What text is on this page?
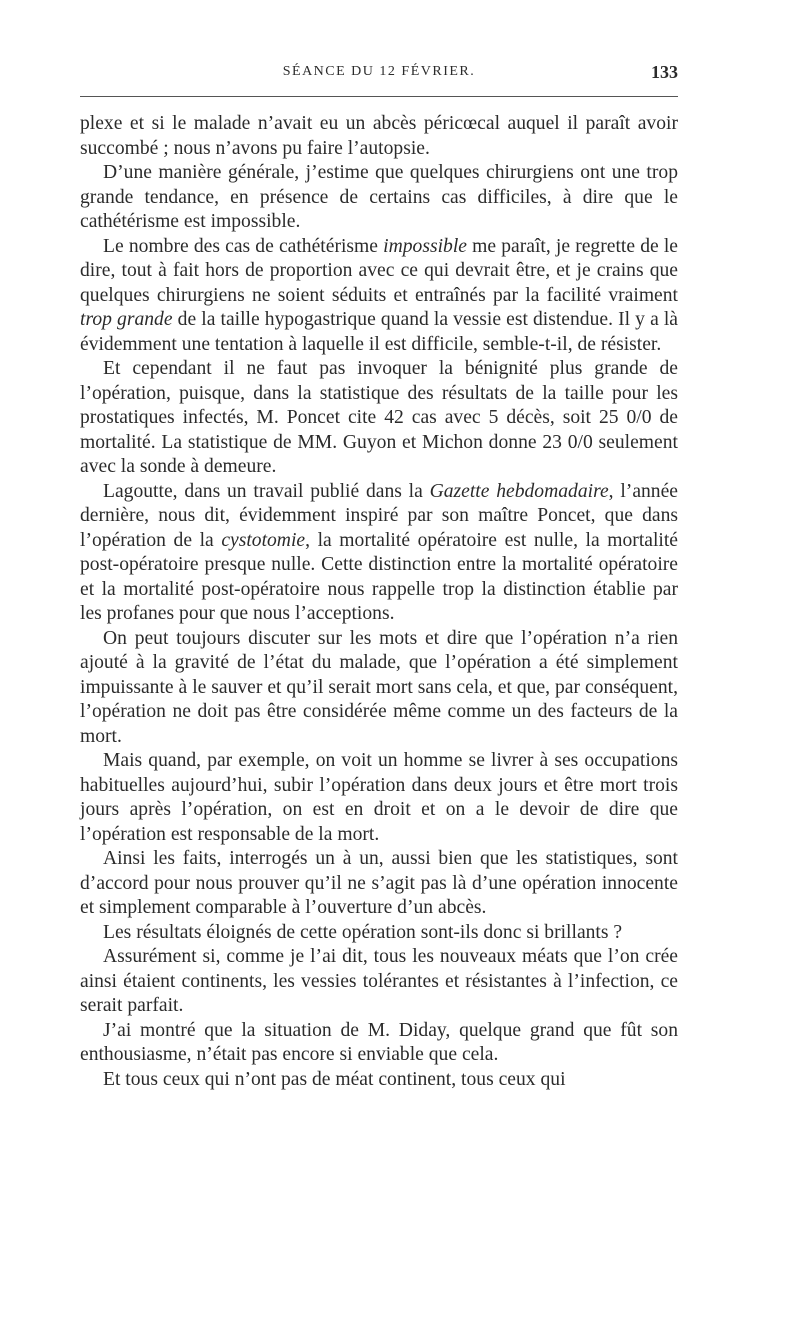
SÉANCE DU 12 FÉVRIER.	133

plexe et si le malade n’avait eu un abcès péricœcal auquel il paraît avoir succombé ; nous n’avons pu faire l’autopsie.

D’une manière générale, j’estime que quelques chirurgiens ont une trop grande tendance, en présence de certains cas difficiles, à dire que le cathétérisme est impossible.

Le nombre des cas de cathétérisme impossible me paraît, je regrette de le dire, tout à fait hors de proportion avec ce qui devrait être, et je crains que quelques chirurgiens ne soient séduits et entraînés par la facilité vraiment trop grande de la taille hypogastrique quand la vessie est distendue. Il y a là évidemment une tentation à laquelle il est difficile, semble-t-il, de résister.

Et cependant il ne faut pas invoquer la bénignité plus grande de l’opération, puisque, dans la statistique des résultats de la taille pour les prostatiques infectés, M. Poncet cite 42 cas avec 5 décès, soit 25 0/0 de mortalité. La statistique de MM. Guyon et Michon donne 23 0/0 seulement avec la sonde à demeure.

Lagoutte, dans un travail publié dans la Gazette hebdomadaire, l’année dernière, nous dit, évidemment inspiré par son maître Poncet, que dans l’opération de la cystotomie, la mortalité opératoire est nulle, la mortalité post-opératoire presque nulle. Cette distinction entre la mortalité opératoire et la mortalité post-opératoire nous rappelle trop la distinction établie par les profanes pour que nous l’acceptions.

On peut toujours discuter sur les mots et dire que l’opération n’a rien ajouté à la gravité de l’état du malade, que l’opération a été simplement impuissante à le sauver et qu’il serait mort sans cela, et que, par conséquent, l’opération ne doit pas être considérée même comme un des facteurs de la mort.

Mais quand, par exemple, on voit un homme se livrer à ses occupations habituelles aujourd’hui, subir l’opération dans deux jours et être mort trois jours après l’opération, on est en droit et on a le devoir de dire que l’opération est responsable de la mort.

Ainsi les faits, interrogés un à un, aussi bien que les statistiques, sont d’accord pour nous prouver qu’il ne s’agit pas là d’une opération innocente et simplement comparable à l’ouverture d’un abcès.

Les résultats éloignés de cette opération sont-ils donc si brillants ?

Assurément si, comme je l’ai dit, tous les nouveaux méats que l’on crée ainsi étaient continents, les vessies tolérantes et résistantes à l’infection, ce serait parfait.

J’ai montré que la situation de M. Diday, quelque grand que fût son enthousiasme, n’était pas encore si enviable que cela.

Et tous ceux qui n’ont pas de méat continent, tous ceux qui
